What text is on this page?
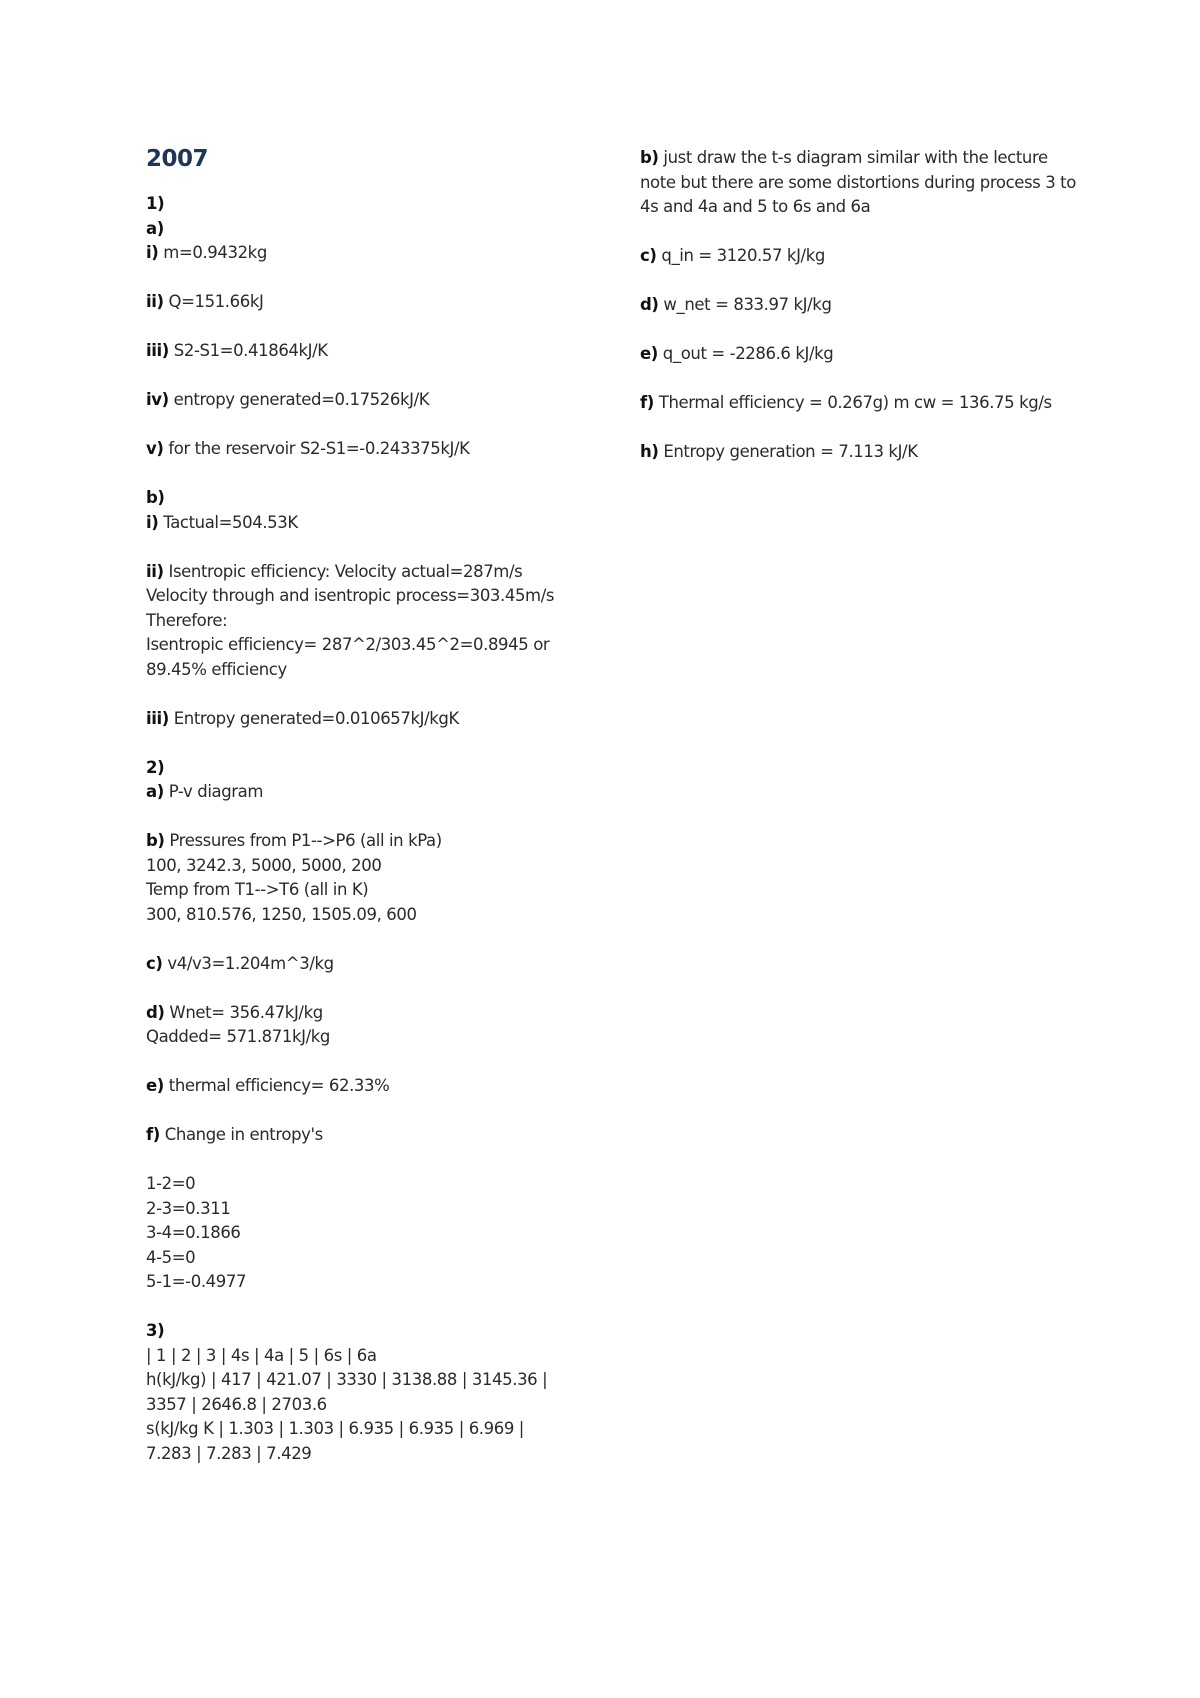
2007

1)

a)

i) m=0.9432kg

ii) Q=151.66kJ

iii) S2-S1=0.41864kJ/K

iv) entropy generated=0.17526kJ/K

v) for the reservoir S2-S1=-0.243375kJ/K

b)

i) Tactual=504.53K

ii) Isentropic efficiency: Velocity actual=287m/s

Velocity through and isentropic process=303.45m/s

Therefore:

Isentropic efficiency= 287^2/303.45^2=0.8945 or

89.45% efficiency

iii) Entropy generated=0.010657kJ/kgK

2)

a) P-v diagram

b) Pressures from P1-->P6 (all in kPa)

100, 3242.3, 5000, 5000, 200

Temp from T1-->T6 (all in K)

300, 810.576, 1250, 1505.09, 600

c) v4/v3=1.204m^3/kg

d) Wnet= 356.47kJ/kg

Qadded= 571.871kJ/kg

e) thermal efficiency= 62.33%

f) Change in entropy's

1-2=0

2-3=0.311

3-4=0.1866

4-5=0

5-1=-0.4977

3)

| 1 | 2 | 3 | 4s | 4a | 5 | 6s | 6a

h(kJ/kg) | 417 | 421.07 | 3330 | 3138.88 | 3145.36 |

3357 | 2646.8 | 2703.6

s(kJ/kg K | 1.303 | 1.303 | 6.935 | 6.935 | 6.969 |

7.283 | 7.283 | 7.429

b) just draw the t-s diagram similar with the lecture

note but there are some distortions during process 3 to

4s and 4a and 5 to 6s and 6a

c) q_in = 3120.57 kJ/kg

d) w_net = 833.97 kJ/kg

e) q_out = -2286.6 kJ/kg

f) Thermal efficiency = 0.267g) m cw = 136.75 kg/s

h) Entropy generation = 7.113 kJ/K
